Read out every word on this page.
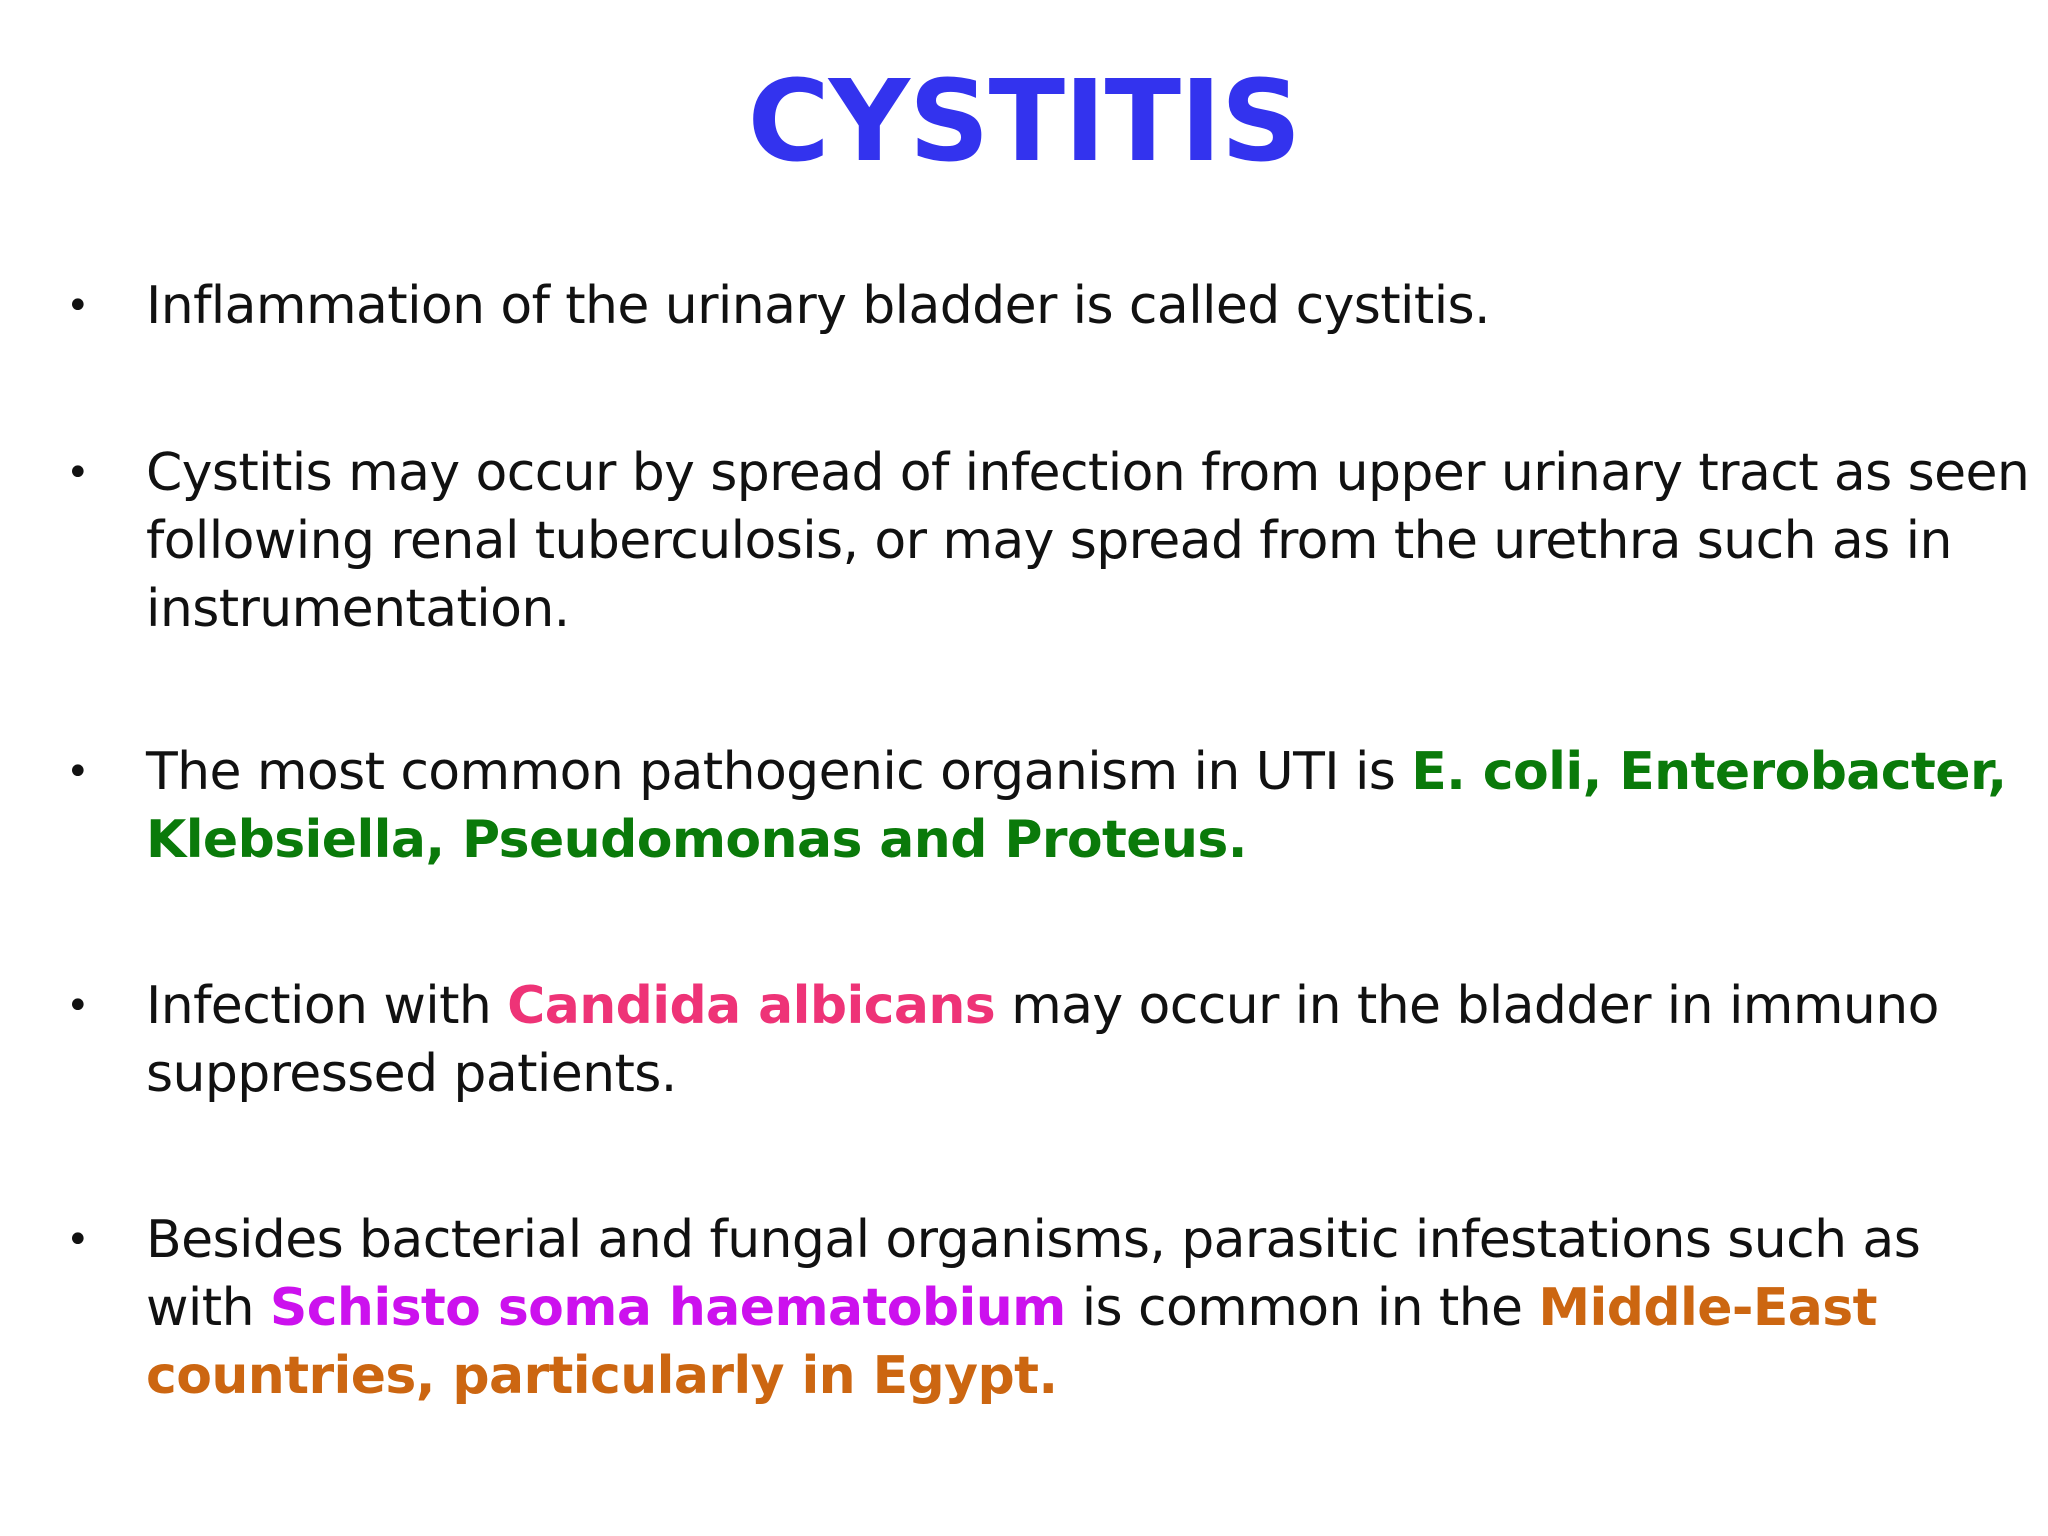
CYSTITIS
• Inflammation of the urinary bladder is called cystitis.
• Cystitis may occur by spread of infection from upper urinary tract as seen
following renal tuberculosis, or may spread from the urethra such as in
instrumentation.
• The most common pathogenic organism in UTI is E. coli, Enterobacter,
Klebsiella, Pseudomonas and Proteus.
• Infection with Candida albicans may occur in the bladder in immuno
suppressed patients.
• Besides bacterial and fungal organisms, parasitic infestations such as
with Schisto soma haematobium is common in the Middle-East
countries, particularly in Egypt.
